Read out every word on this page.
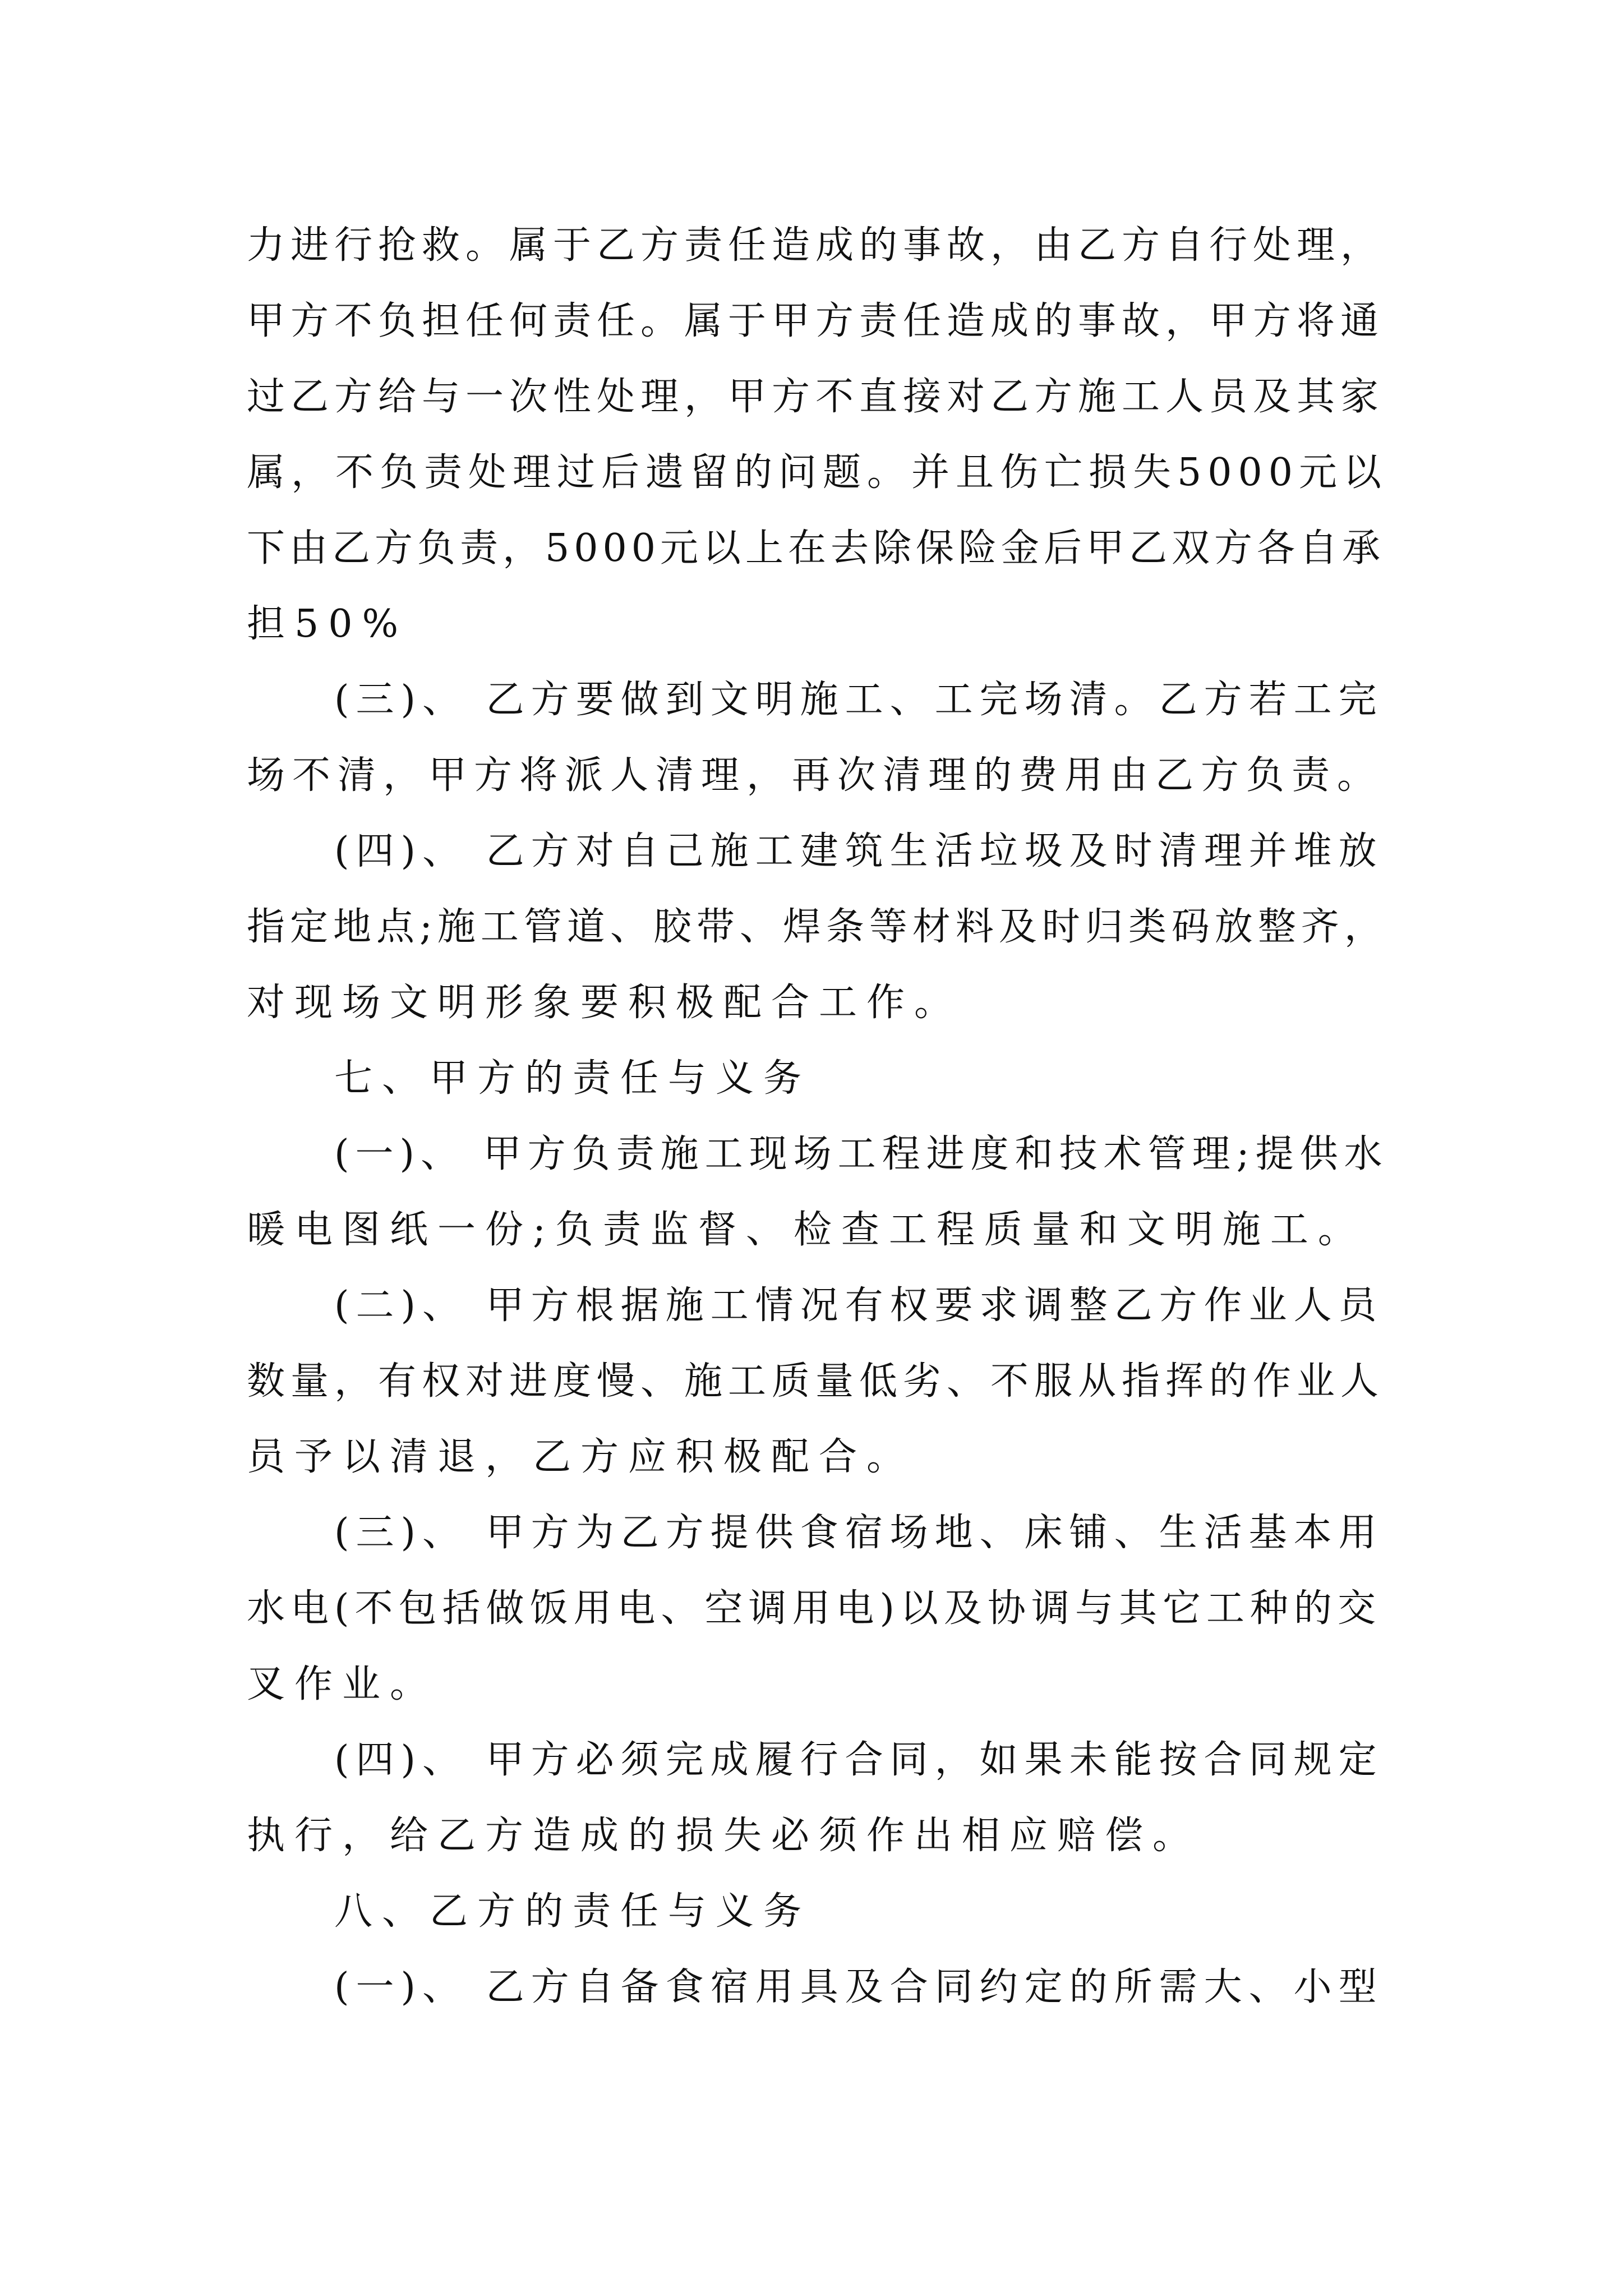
力进行抢救。属于乙方责任造成的事故，由乙方自行处理，
甲方不负担任何责任。属于甲方责任造成的事故，甲方将通
过乙方给与一次性处理，甲方不直接对乙方施工人员及其家
属，不负责处理过后遗留的问题。并且伤亡损失5000元以
下由乙方负责，5000元以上在去除保险金后甲乙双方各自承
担50%
(三)、 乙方要做到文明施工、工完场清。乙方若工完
场不清，甲方将派人清理，再次清理的费用由乙方负责。
(四)、 乙方对自己施工建筑生活垃圾及时清理并堆放
指定地点;施工管道、胶带、焊条等材料及时归类码放整齐，
对现场文明形象要积极配合工作。
七、甲方的责任与义务
(一)、 甲方负责施工现场工程进度和技术管理;提供水
暖电图纸一份;负责监督、检查工程质量和文明施工。
(二)、 甲方根据施工情况有权要求调整乙方作业人员
数量，有权对进度慢、施工质量低劣、不服从指挥的作业人
员予以清退，乙方应积极配合。
(三)、 甲方为乙方提供食宿场地、床铺、生活基本用
水电(不包括做饭用电、空调用电)以及协调与其它工种的交
叉作业。
(四)、 甲方必须完成履行合同，如果未能按合同规定
执行，给乙方造成的损失必须作出相应赔偿。
八、乙方的责任与义务
(一)、 乙方自备食宿用具及合同约定的所需大、小型
